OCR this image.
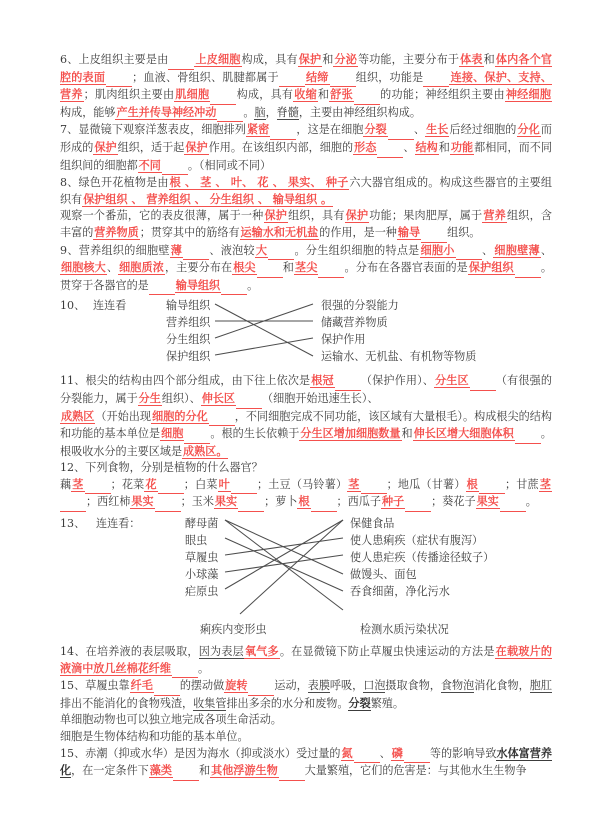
6、上皮组织主要是由 上皮细胞构成，具有保护和分泌等功能，主要分布于体表和体内各个官腔的表面 ；血液、骨组织、肌腱都属于 结缔 组织，功能是 连接、保护、支持、营养；肌肉组织主要由肌细胞 构成，具有收缩和舒张 的功能；神经组织主要由神经细胞构成，能够产生并传导神经冲动 。脑，脊髓，主要由神经组织构成。

7、显微镜下观察洋葱表皮，细胞排列紧密 ，这是在细胞分裂 、生长后经过细胞的分化而形成的保护组织，适于起保护作用。在该组织内部，细胞的形态 、结构和功能都相同，而不同组织间的细胞都不同 。（相同或不同）

8、绿色开花植物是由根 、 茎 、 叶、 花 、 果实、 种子六大器官组成的。构成这些器官的主要组织有保护组织 、 营养组织 、 分生组织 、 输导组织 。

观察一个番茄，它的表皮很薄，属于一种保护组织，具有保护功能；果肉肥厚，属于营养组织，含丰富的营养物质；贯穿其中的筋络有运输水和无机盐的作用，是一种输导 组织。

9、营养组织的细胞壁薄 、液泡较大 。分生组织细胞的特点是细胞小 、细胞壁薄、细胞核大、细胞质浓，主要分布在根尖 和茎尖 。分布在各器官表面的是保护组织 。贯穿于各器官的是 输导组织 。

10、 连连看	输导组织
营养组织
分生组织
保护组织
很强的分裂能力
储藏营养物质
保护作用
运输水、无机盐、有机物等物质

11、根尖的结构由四个部分组成，由下往上依次是根冠 （保护作用）、分生区 （有很强的分裂能力，属于分生组织）、伸长区 （细胞开始迅速生长）、

成熟区（开始出现细胞的分化 ，不同细胞完成不同功能，该区域有大量根毛）。构成根尖的结构和功能的基本单位是细胞 。根的生长依赖于分生区增加细胞数量和伸长区增大细胞体积 。根吸收水分的主要区域是成熟区。

12、下列食物，分别是植物的什么器官？

藕茎 ；花菜花 ；白菜叶 ；土豆（马铃薯）茎 ；地瓜（甘薯）根 ；甘蔗茎 ；西红柿果实 ；玉米果实 ；萝卜根 ；西瓜子种子 ；葵花子果实 。

13、 连连看：	酵母菌
眼虫
草履虫
小球藻
疟原虫
保健食品
使人患痢疾（症状有腹泻）
使人患疟疾（传播途径蚊子）
做馒头、面包
吞食细菌，净化污水
痢疾内变形虫	检测水质污染状况

14、在培养液的表层吸取，因为表层氧气多。在显微镜下防止草履虫快速运动的方法是在载玻片的液滴中放几丝棉花纤维 。

15、草履虫靠纤毛 的摆动做旋转 运动，表膜呼吸，口泡摄取食物，食物泡消化食物，胞肛排出不能消化的食物残渣，收集管排出多余的水分和废物。分裂繁殖。

单细胞动物也可以独立地完成各项生命活动。

细胞是生物体结构和功能的基本单位。

15、赤潮（抑或水华）是因为海水（抑或淡水）受过量的氮 、磷 等的影响导致水体富营养化，在一定条件下藻类 和其他浮游生物 大量繁殖，它们的危害是：与其他水生生物争
